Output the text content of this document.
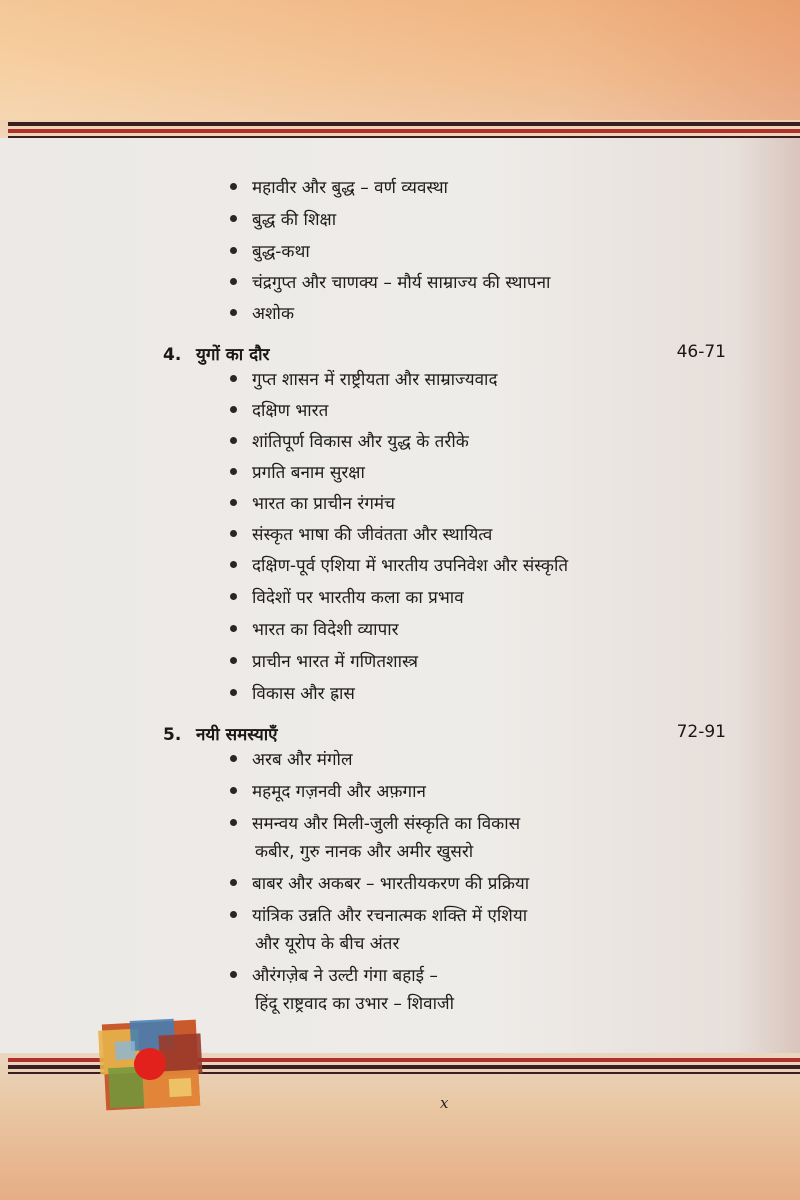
महावीर और बुद्ध – वर्ण व्यवस्था
बुद्ध की शिक्षा
बुद्ध-कथा
चंद्रगुप्त और चाणक्य – मौर्य साम्राज्य की स्थापना
अशोक
4. युगों का दौर	46-71
गुप्त शासन में राष्ट्रीयता और साम्राज्यवाद
दक्षिण भारत
शांतिपूर्ण विकास और युद्ध के तरीके
प्रगति बनाम सुरक्षा
भारत का प्राचीन रंगमंच
संस्कृत भाषा की जीवंतता और स्थायित्व
दक्षिण-पूर्व एशिया में भारतीय उपनिवेश और संस्कृति
विदेशों पर भारतीय कला का प्रभाव
भारत का विदेशी व्यापार
प्राचीन भारत में गणितशास्त्र
विकास और ह्रास
5. नयी समस्याएँ	72-91
अरब और मंगोल
महमूद गज़नवी और अफ़गान
समन्वय और मिली-जुली संस्कृति का विकास
कबीर, गुरु नानक और अमीर खुसरो
बाबर और अकबर – भारतीयकरण की प्रक्रिया
यांत्रिक उन्नति और रचनात्मक शक्ति में एशिया
और यूरोप के बीच अंतर
औरंगज़ेब ने उल्टी गंगा बहाई –
हिंदू राष्ट्रवाद का उभार – शिवाजी
x
